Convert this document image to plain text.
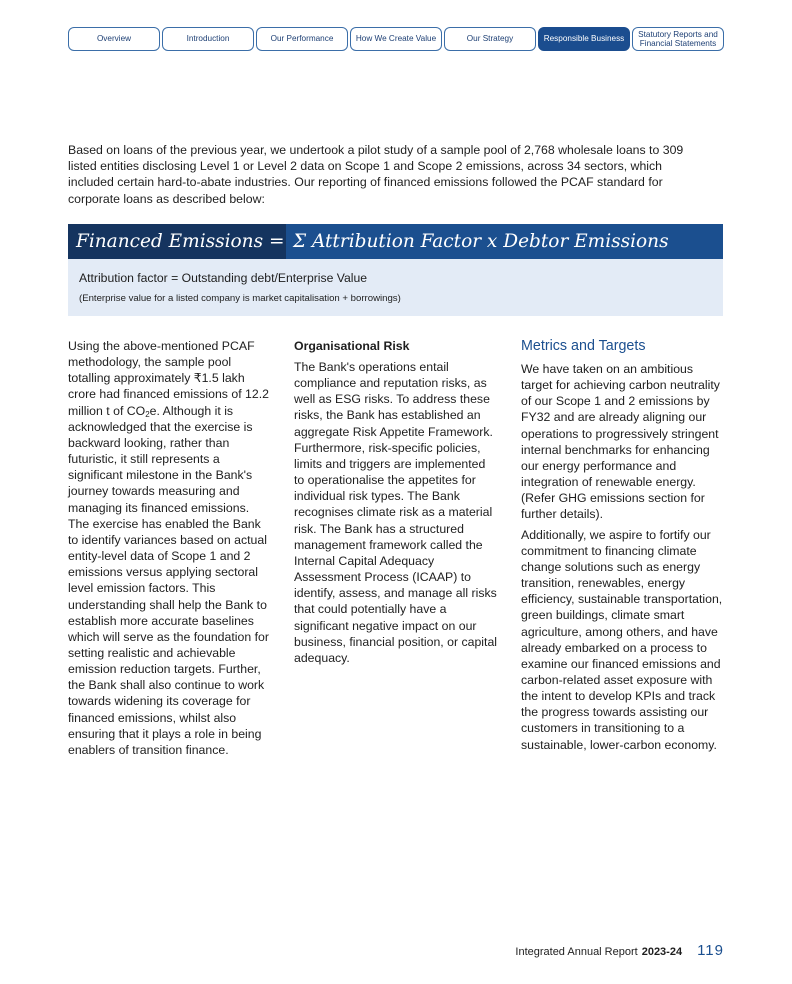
Overview	Introduction	Our Performance	How We Create Value	Our Strategy	Responsible Business	Statutory Reports and
Financial Statements

Based on loans of the previous year, we undertook a pilot study of a sample pool of 2,768 wholesale loans to 309 listed entities disclosing Level 1 or Level 2 data on Scope 1 and Scope 2 emissions, across 34 sectors, which included certain hard-to-abate industries. Our reporting of financed emissions followed the PCAF standard for corporate loans as described below:

Financed Emissions = Σ Attribution Factor x Debtor Emissions

Attribution factor = Outstanding debt/Enterprise Value

(Enterprise value for a listed company is market capitalisation + borrowings)

Using the above-mentioned PCAF methodology, the sample pool totalling approximately ₹1.5 lakh crore had financed emissions of 12.2 million t of $CO_2e$. Although it is acknowledged that the exercise is backward looking, rather than futuristic, it still represents a significant milestone in the Bank's journey towards measuring and managing its financed emissions. The exercise has enabled the Bank to identify variances based on actual entity-level data of Scope 1 and 2 emissions versus applying sectoral level emission factors. This understanding shall help the Bank to establish more accurate baselines which will serve as the foundation for setting realistic and achievable emission reduction targets. Further, the Bank shall also continue to work towards widening its coverage for financed emissions, whilst also ensuring that it plays a role in being enablers of transition finance.

Organisational Risk

The Bank's operations entail compliance and reputation risks, as well as ESG risks. To address these risks, the Bank has established an aggregate Risk Appetite Framework. Furthermore, risk-specific policies, limits and triggers are implemented to operationalise the appetites for individual risk types. The Bank recognises climate risk as a material risk. The Bank has a structured management framework called the Internal Capital Adequacy Assessment Process (ICAAP) to identify, assess, and manage all risks that could potentially have a significant negative impact on our business, financial position, or capital adequacy.

Metrics and Targets

We have taken on an ambitious target for achieving carbon neutrality of our Scope 1 and 2 emissions by FY32 and are already aligning our operations to progressively stringent internal benchmarks for enhancing our energy performance and integration of renewable energy. (Refer GHG emissions section for further details).

Additionally, we aspire to fortify our commitment to financing climate change solutions such as energy transition, renewables, energy efficiency, sustainable transportation, green buildings, climate smart agriculture, among others, and have already embarked on a process to examine our financed emissions and carbon-related asset exposure with the intent to develop KPIs and track the progress towards assisting our customers in transitioning to a sustainable, lower-carbon economy.

Integrated Annual Report 2023-24 119
